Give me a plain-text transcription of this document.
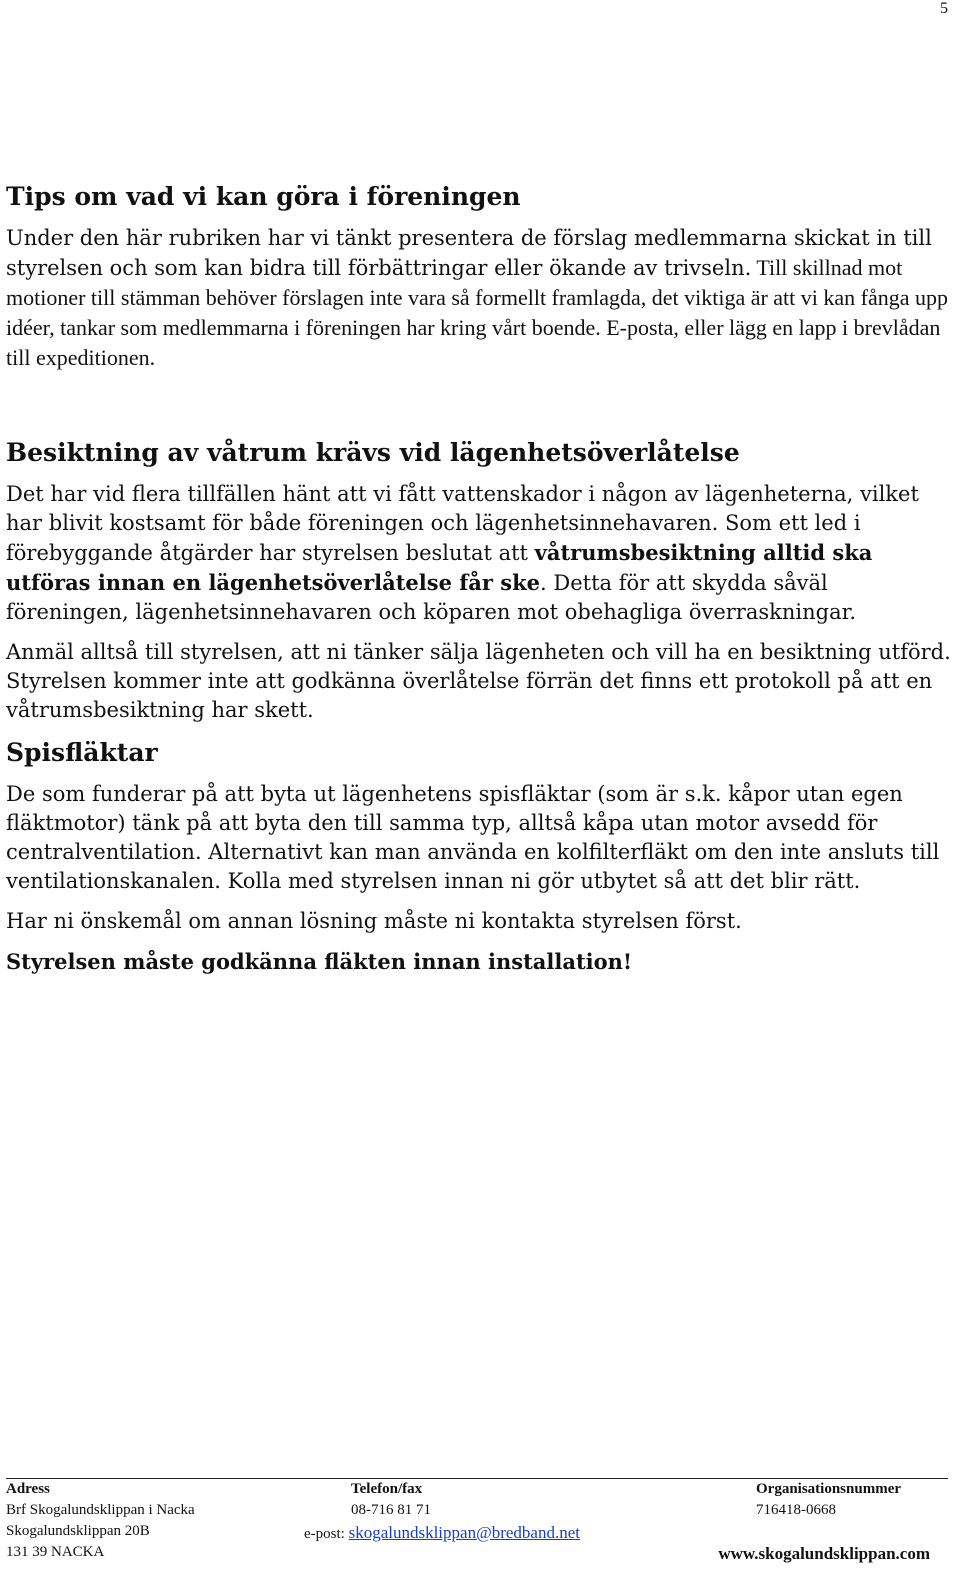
5
Tips om vad vi kan göra i föreningen

Under den här rubriken har vi tänkt presentera de förslag medlemmarna skickat in till styrelsen och som kan bidra till förbättringar eller ökande av trivseln. Till skillnad mot motioner till stämman behöver förslagen inte vara så formellt framlagda, det viktiga är att vi kan fånga upp idéer, tankar som medlemmarna i föreningen har kring vårt boende. E-posta, eller lägg en lapp i brevlådan till expeditionen.

Besiktning av våtrum krävs vid lägenhetsöverlåtelse

Det har vid flera tillfällen hänt att vi fått vattenskador i någon av lägenheterna, vilket har blivit kostsamt för både föreningen och lägenhetsinnehavaren. Som ett led i förebyggande åtgärder har styrelsen beslutat att våtrumsbesiktning alltid ska utföras innan en lägenhetsöverlåtelse får ske. Detta för att skydda såväl föreningen, lägenhetsinnehavaren och köparen mot obehagliga överraskningar.

Anmäl alltså till styrelsen, att ni tänker sälja lägenheten och vill ha en besiktning utförd. Styrelsen kommer inte att godkänna överlåtelse förrän det finns ett protokoll på att en våtrumsbesiktning har skett.

Spisfläktar

De som funderar på att byta ut lägenhetens spisfläktar (som är s.k. kåpor utan egen fläktmotor) tänk på att byta den till samma typ, alltså kåpa utan motor avsedd för centralventilation. Alternativt kan man använda en kolfilterfläkt om den inte ansluts till ventilationskanalen. Kolla med styrelsen innan ni gör utbytet så att det blir rätt.

Har ni önskemål om annan lösning måste ni kontakta styrelsen först.

Styrelsen måste godkänna fläkten innan installation!

Adress	Telefon/fax	Organisationsnummer
Brf Skogalundsklippan i Nacka	08-716 81 71	716418-0668
Skogalundsklippan 20B	e-post: skogalundsklippan@bredband.net
131 39 NACKA	www.skogalundsklippan.com
